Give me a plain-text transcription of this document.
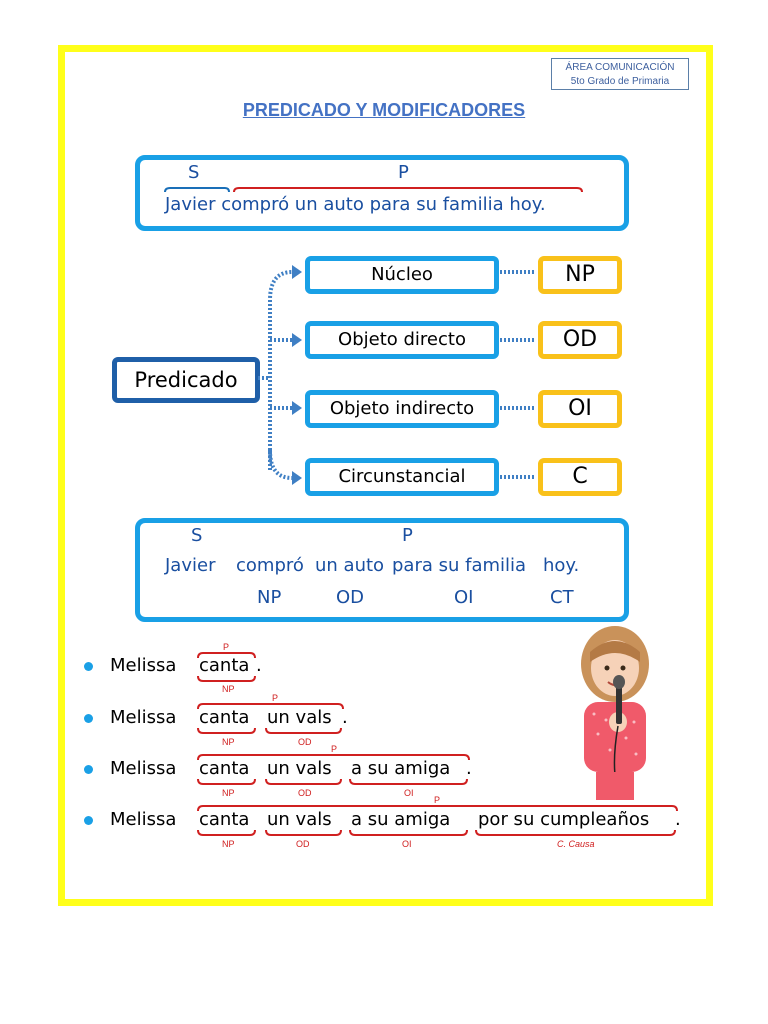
ÁREA COMUNICACIÓN
5to Grado de Primaria
PREDICADO Y MODIFICADORES
S	P
Javier compró un auto para su familia hoy.
Predicado
Núcleo
Objeto directo
Objeto indirecto
Circunstancial
NP
OD
OI
C
S	P
Javier compró un auto para su familia hoy.
NP	OD	OI	CT
Melissa canta .
P
NP
Melissa canta un vals .
P
NP	OD
Melissa canta un vals a su amiga .
P
NP	OD	OI
Melissa canta un vals a su amiga por su cumpleaños .
P
NP	OD	OI	C. Causa
